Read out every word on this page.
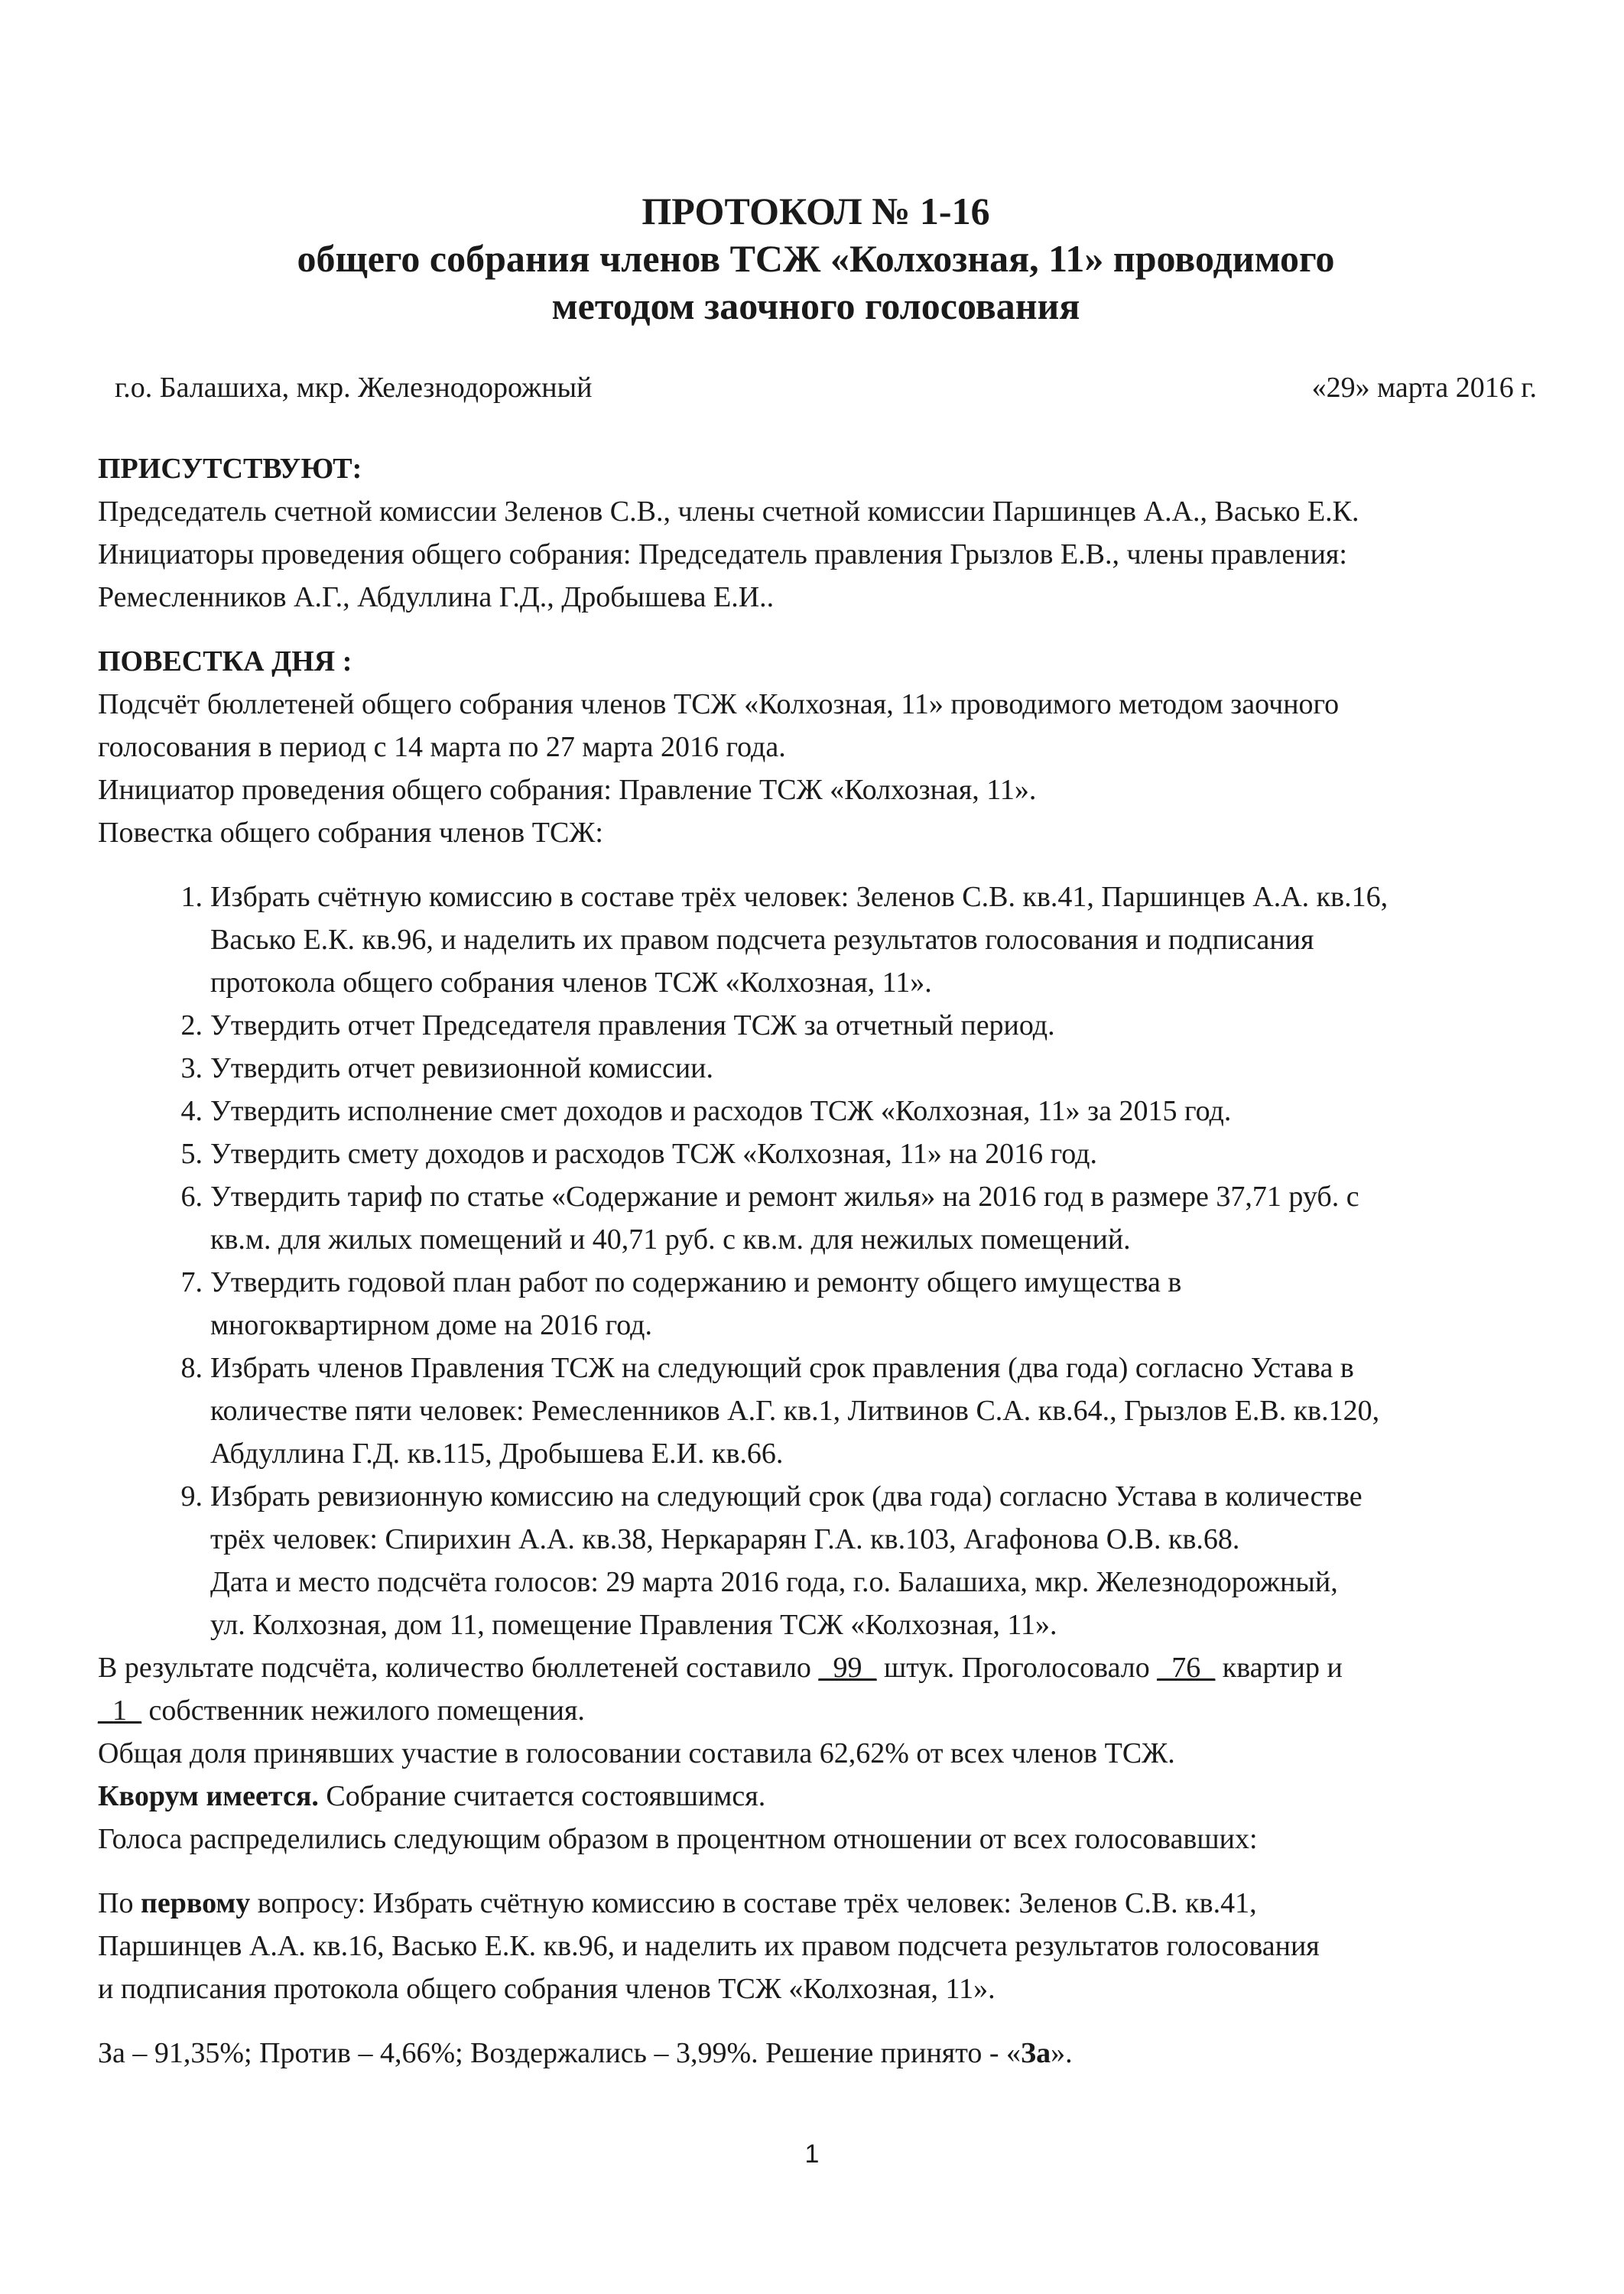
ПРОТОКОЛ № 1-16
общего собрания членов ТСЖ «Колхозная, 11» проводимого
методом заочного голосования
г.о. Балашиха, мкр. Железнодорожный	«29» марта 2016 г.
ПРИСУТСТВУЮТ:

Председатель счетной комиссии Зеленов С.В., члены счетной комиссии Паршинцев А.А., Васько Е.К.

Инициаторы проведения общего собрания: Председатель правления Грызлов Е.В., члены правления:

Ремесленников А.Г., Абдуллина Г.Д., Дробышева Е.И..

ПОВЕСТКА ДНЯ :

Подсчёт бюллетеней общего собрания членов ТСЖ «Колхозная, 11» проводимого методом заочного

голосования в период с 14 марта по 27 марта 2016 года.

Инициатор проведения общего собрания: Правление ТСЖ «Колхозная, 11».

Повестка общего собрания членов ТСЖ:

1. Избрать счётную комиссию в составе трёх человек: Зеленов С.В. кв.41, Паршинцев А.А. кв.16,
Васько Е.К. кв.96, и наделить их правом подсчета результатов голосования и подписания
протокола общего собрания членов ТСЖ «Колхозная, 11».
2. Утвердить отчет Председателя правления ТСЖ за отчетный период.
3. Утвердить отчет ревизионной комиссии.
4. Утвердить исполнение смет доходов и расходов ТСЖ «Колхозная, 11» за 2015 год.
5. Утвердить смету доходов и расходов ТСЖ «Колхозная, 11» на 2016 год.
6. Утвердить тариф по статье «Содержание и ремонт жилья» на 2016 год в размере 37,71 руб. с
кв.м. для жилых помещений и 40,71 руб. с кв.м. для нежилых помещений.
7. Утвердить годовой план работ по содержанию и ремонту общего имущества в
многоквартирном доме на 2016 год.
8. Избрать членов Правления ТСЖ на следующий срок правления (два года) согласно Устава в
количестве пяти человек: Ремесленников А.Г. кв.1, Литвинов С.А. кв.64., Грызлов Е.В. кв.120,
Абдуллина Г.Д. кв.115, Дробышева Е.И. кв.66.
9. Избрать ревизионную комиссию на следующий срок (два года) согласно Устава в количестве
трёх человек: Спирихин А.А. кв.38, Неркарарян Г.А. кв.103, Агафонова О.В. кв.68.
Дата и место подсчёта голосов: 29 марта 2016 года, г.о. Балашиха, мкр. Железнодорожный,
ул. Колхозная, дом 11, помещение Правления ТСЖ «Колхозная, 11».

В результате подсчёта, количество бюллетеней составило _99_ штук. Проголосовало _76_ квартир и

_1_ собственник нежилого помещения.

Общая доля принявших участие в голосовании составила 62,62% от всех членов ТСЖ.

Кворум имеется. Собрание считается состоявшимся.

Голоса распределились следующим образом в процентном отношении от всех голосовавших:

По первому вопросу: Избрать счётную комиссию в составе трёх человек: Зеленов С.В. кв.41,

Паршинцев А.А. кв.16, Васько Е.К. кв.96, и наделить их правом подсчета результатов голосования

и подписания протокола общего собрания членов ТСЖ «Колхозная, 11».

За – 91,35%; Против – 4,66%; Воздержались – 3,99%. Решение принято - «За».

1
